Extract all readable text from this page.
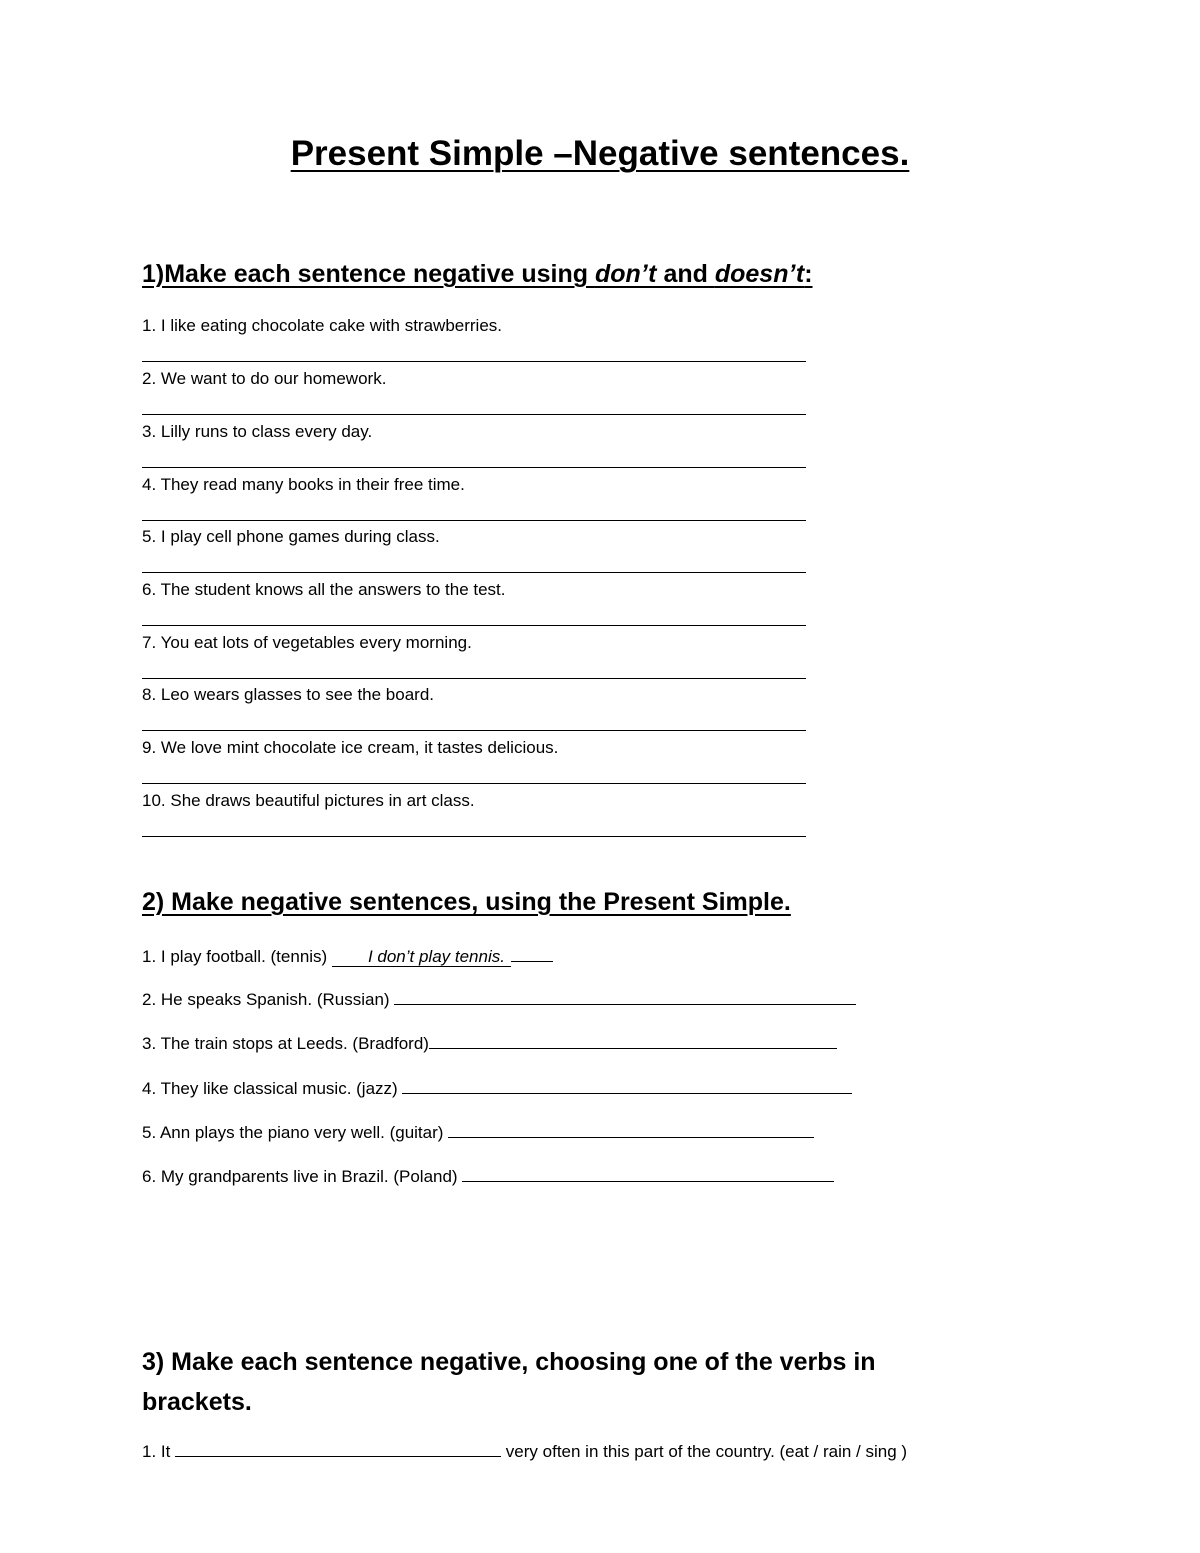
Present Simple –Negative sentences.
1)Make each sentence negative using don’t and doesn’t:
1. I like eating chocolate cake with strawberries.
2. We want to do our homework.
3. Lilly runs to class every day.
4. They read many books in their free time.
5. I play cell phone games during class.
6. The student knows all the answers to the test.
7. You eat lots of vegetables every morning.
8. Leo wears glasses to see the board.
9. We love mint chocolate ice cream, it tastes delicious.
10. She draws beautiful pictures in art class.
2) Make negative sentences, using the Present Simple.
1. I play football. (tennis) I don’t play tennis.
2. He speaks Spanish. (Russian)
3. The train stops at Leeds. (Bradford)
4. They like classical music. (jazz)
5. Ann plays the piano very well. (guitar)
6. My grandparents live in Brazil. (Poland)
3) Make each sentence negative, choosing one of the verbs in brackets.
1. It	very often in this part of the country. (eat / rain / sing )
